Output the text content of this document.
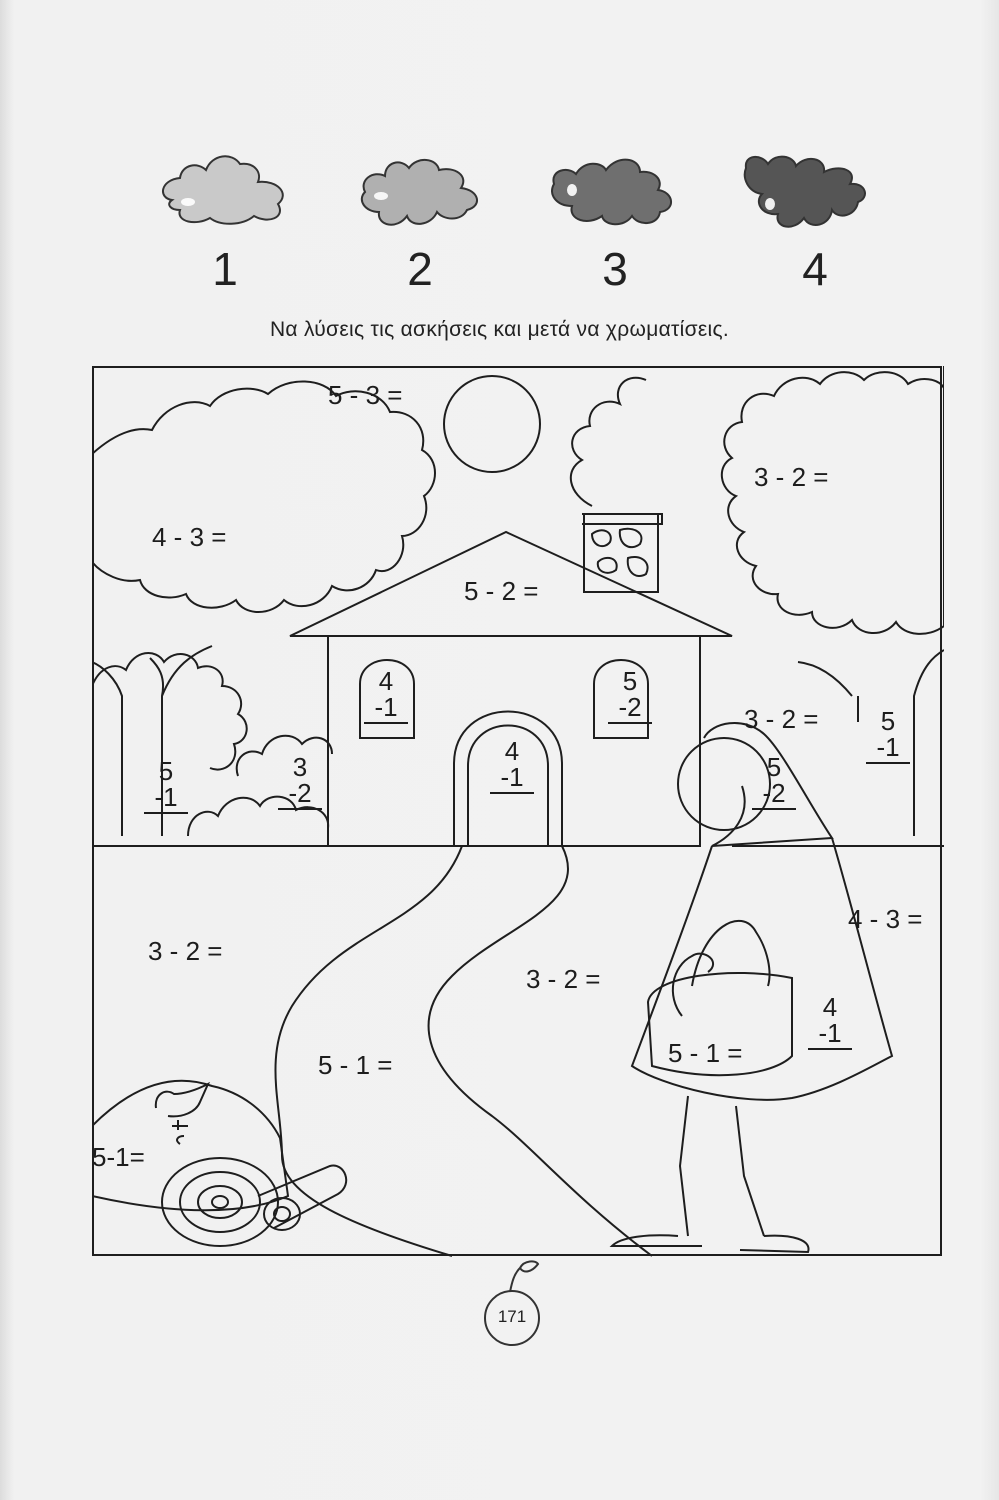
1	2	3	4
Να λύσεις τις ασκήσεις και μετά να χρωματίσεις.
5 - 3 =
4 - 3 =
3 - 2 =
5 - 2 =
3 - 2 =
3 - 2 =
5 - 1 =
5-1=
3 - 2 =
4 - 3 =
5 - 1 =
4
-1
5
-2
4
-1
3
-2
5
-1
5
-1
5
-2
4
-1
171
